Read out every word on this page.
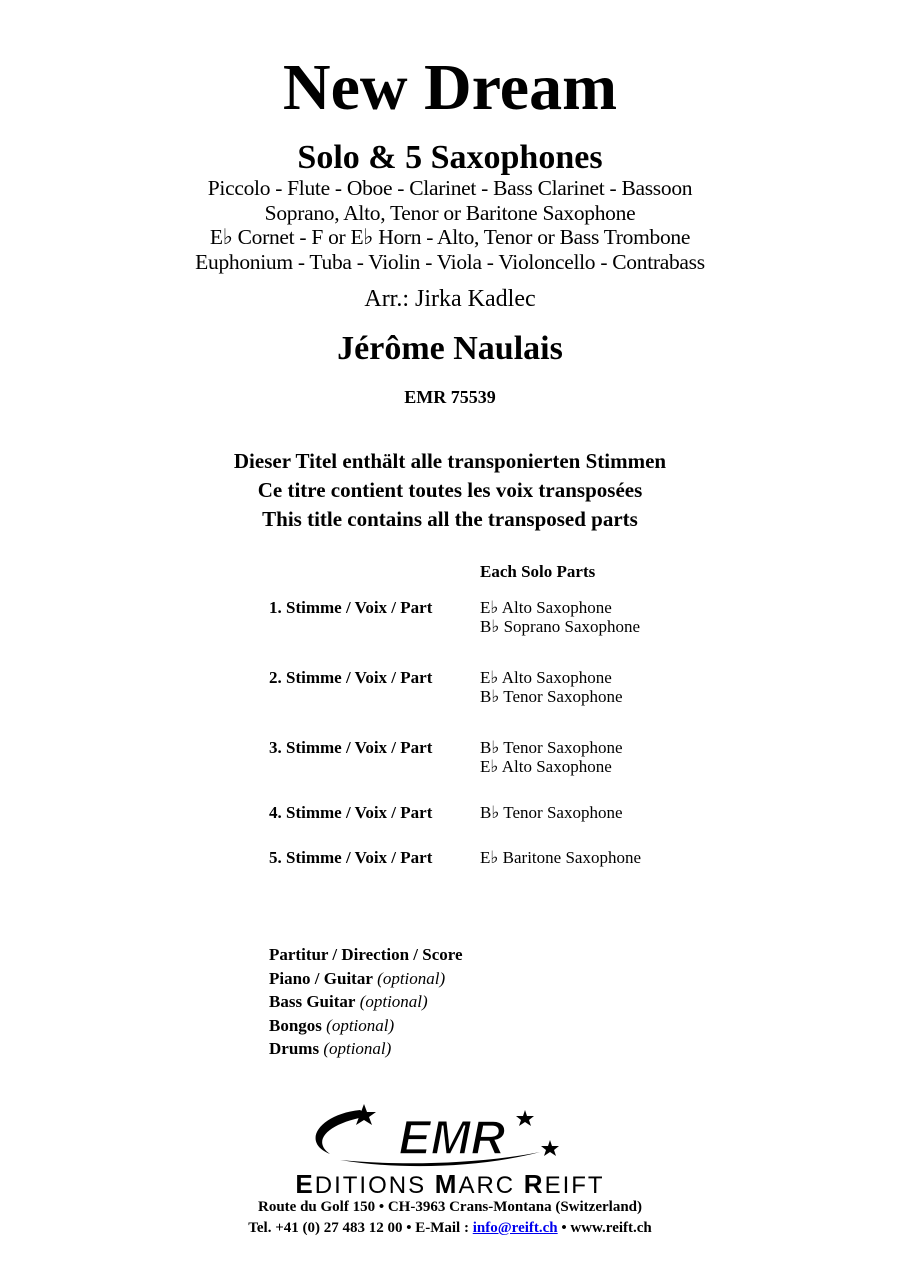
New Dream
Solo & 5 Saxophones
Piccolo - Flute - Oboe - Clarinet - Bass Clarinet - Bassoon
Soprano, Alto, Tenor or Baritone Saxophone
E♭ Cornet - F or E♭ Horn - Alto, Tenor or Bass Trombone
Euphonium - Tuba - Violin - Viola - Violoncello - Contrabass
Arr.: Jirka Kadlec
Jérôme Naulais
EMR 75539
Dieser Titel enthält alle transponierten Stimmen
Ce titre contient toutes les voix transposées
This title contains all the transposed parts
Each Solo Parts
1. Stimme / Voix / Part	E♭ Alto Saxophone
B♭ Soprano Saxophone
2. Stimme / Voix / Part	E♭ Alto Saxophone
B♭ Tenor Saxophone
3. Stimme / Voix / Part	B♭ Tenor Saxophone
E♭ Alto Saxophone
4. Stimme / Voix / Part	B♭ Tenor Saxophone
5. Stimme / Voix / Part	E♭ Baritone Saxophone
Partitur / Direction / Score
Piano / Guitar (optional)
Bass Guitar (optional)
Bongos (optional)
Drums (optional)
EMR
EDITIONS MARC REIFT
Route du Golf 150 • CH-3963 Crans-Montana (Switzerland)
Tel. +41 (0) 27 483 12 00 • E-Mail : info@reift.ch • www.reift.ch
